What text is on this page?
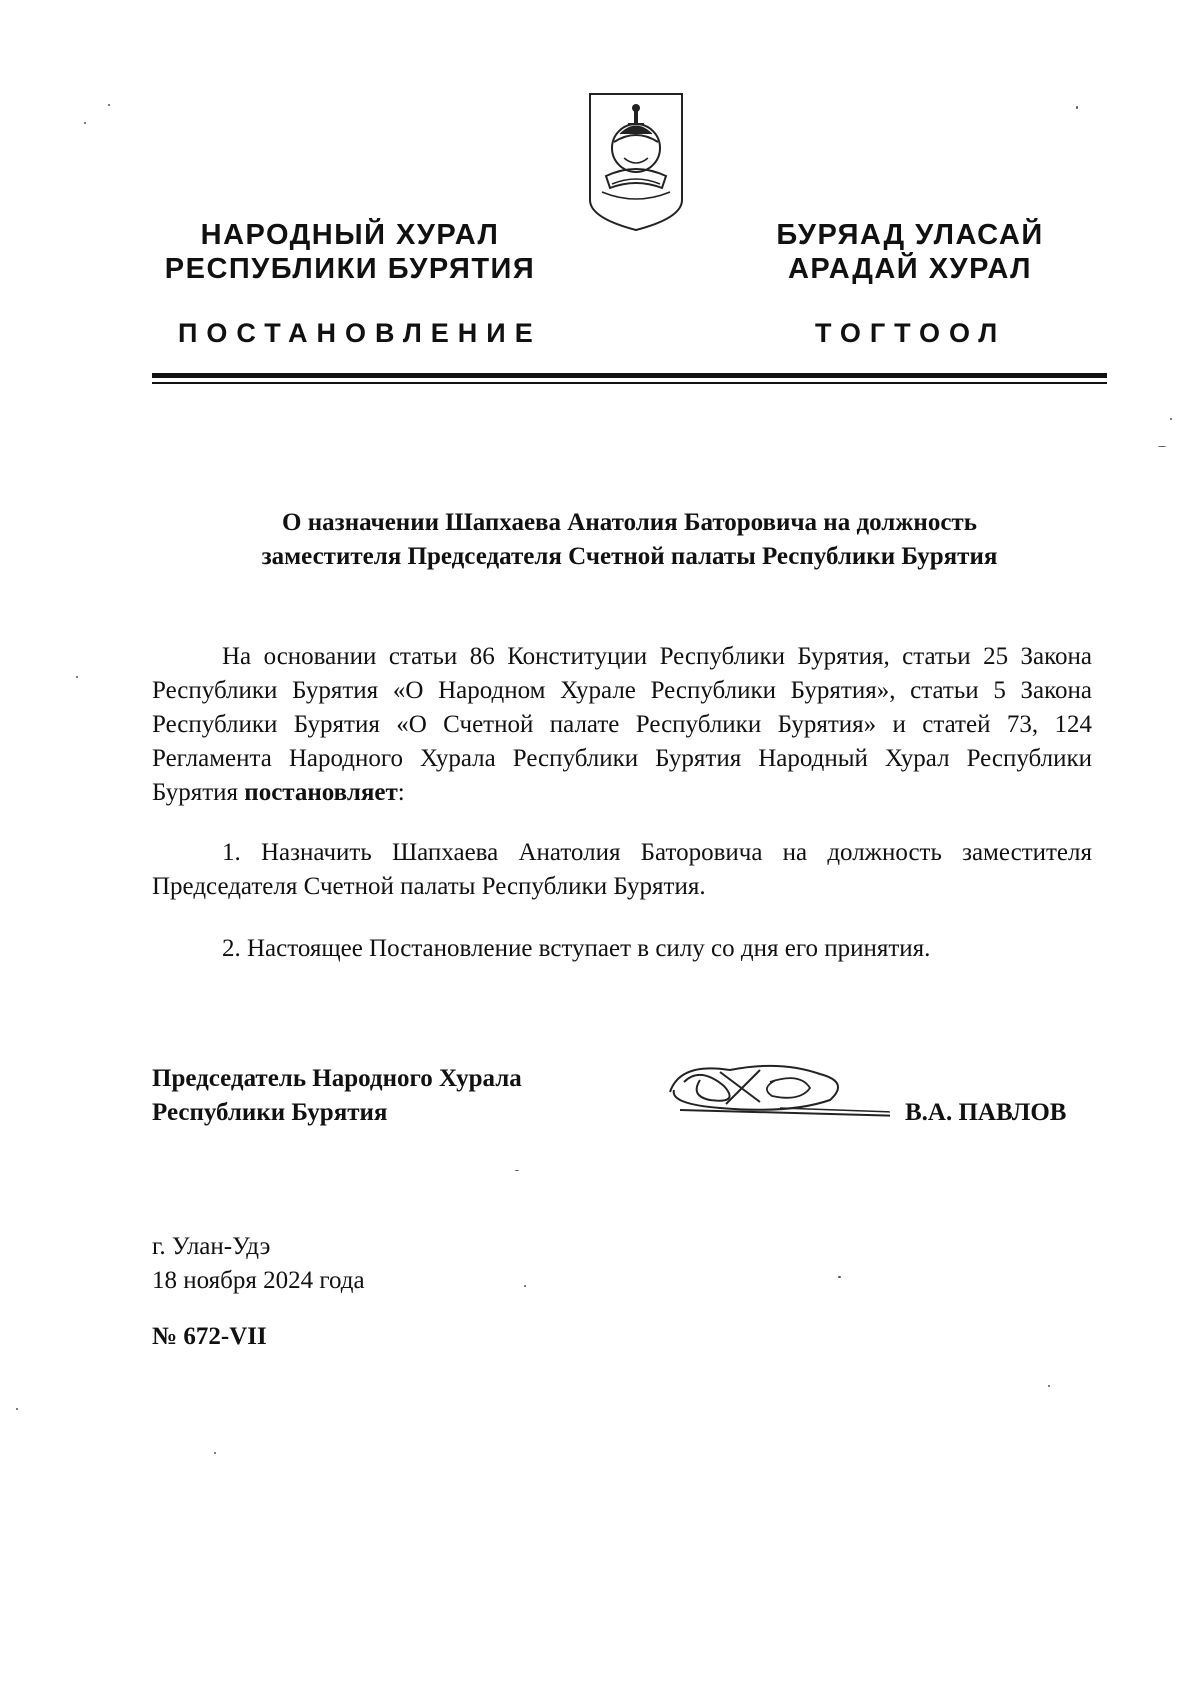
НАРОДНЫЙ ХУРАЛ
РЕСПУБЛИКИ БУРЯТИЯ
БУРЯАД УЛАСАЙ
АРАДАЙ ХУРАЛ
ПОСТАНОВЛЕНИЕ	ТОГТООЛ
О назначении Шапхаева Анатолия Баторовича на должность
заместителя Председателя Счетной палаты Республики Бурятия
На основании статьи 86 Конституции Республики Бурятия, статьи 25 Закона Республики Бурятия «О Народном Хурале Республики Бурятия», статьи 5 Закона Республики Бурятия «О Счетной палате Республики Бурятия» и статей 73, 124 Регламента Народного Хурала Республики Бурятия Народный Хурал Республики Бурятия постановляет:
1. Назначить Шапхаева Анатолия Баторовича на должность заместителя Председателя Счетной палаты Республики Бурятия.
2. Настоящее Постановление вступает в силу со дня его принятия.
Председатель Народного Хурала
Республики Бурятия	В.А. ПАВЛОВ
г. Улан-Удэ
18 ноября 2024 года
№ 672-VII
